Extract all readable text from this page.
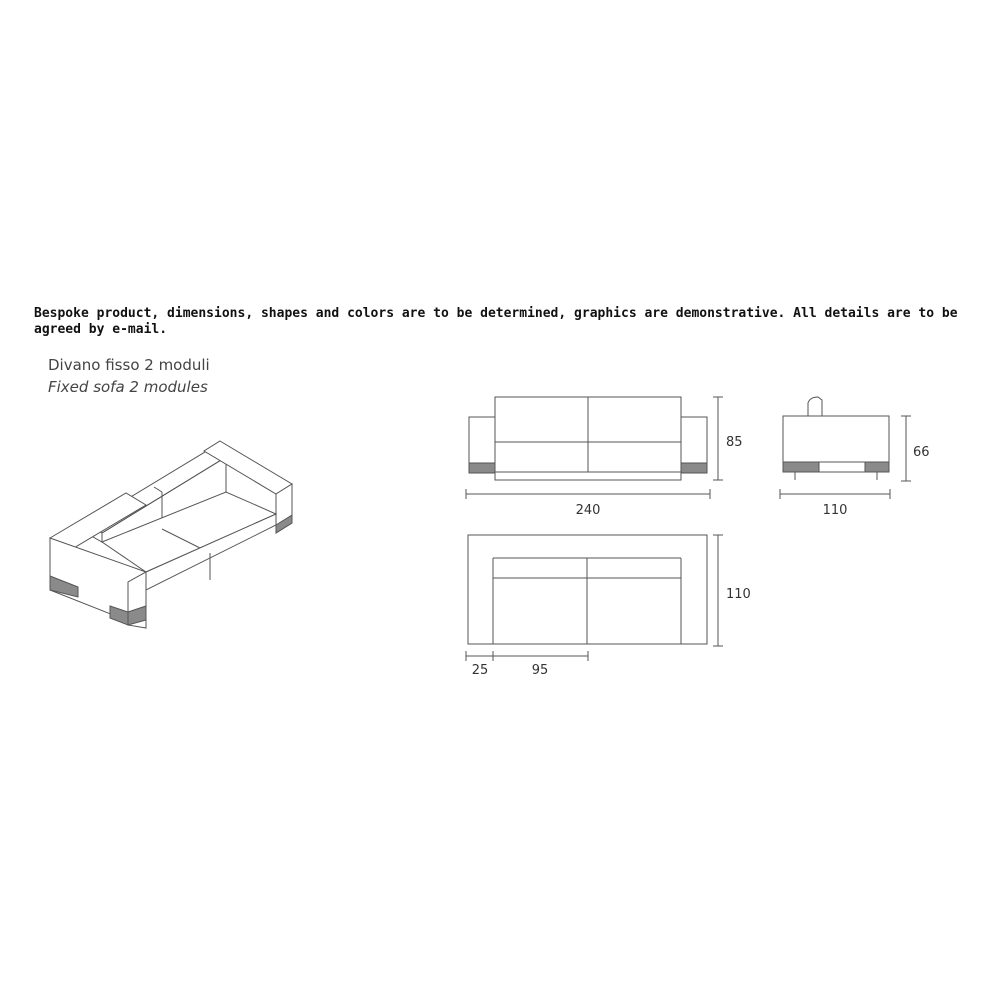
Bespoke product, dimensions, shapes and colors are to be determined, graphics are demonstrative. All details are to be agreed by e-mail.
Divano fisso 2 moduli
Fixed sofa 2 modules
240
85
110
66
110
25	95
